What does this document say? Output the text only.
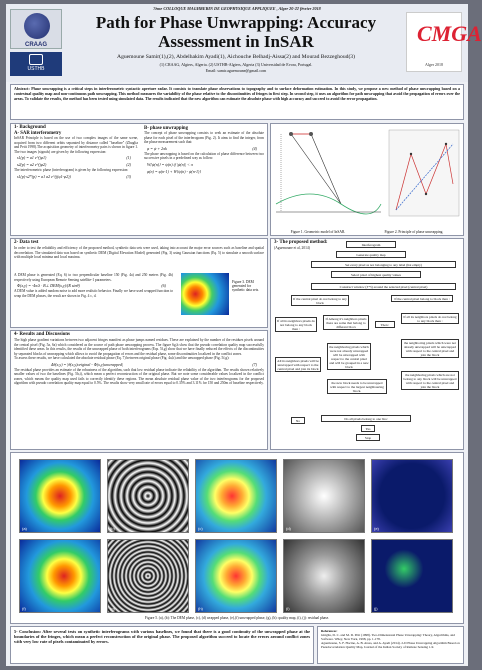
7ème COLLOQUE MAGHREBIN DE GEOPHYSIQUE APPLIQUEE , Alger 20-22 février 2018
CRAAG
USTHB
Path for Phase Unwrapping: Accuracy
Assessment in InSAR
Aguemoune Samir(1),(2), Abdelhakim Ayadi(1), Aichouche Belhadj-Aissa(2) and Mourad Bezzeghoud(3)
(1) CRAAG, Algiers, Algeria. (2) USTHB-Algiers, Algeria (3) Universidad de Evora, Portugal.
Email: samir.aguemoune@gmail.com
CMGA
Alger 2018
Abstract: Phase unwrapping is a critical steps in interferometric syntactic aperture radar. It consists to translate phase observations to topography and to surface deformation estimation. In this study, we propose a new method of phase unwrapping based on a contextual quality map and non-continuous path unwrapping. This method measures the variability of the phase relative to the discontinuities of fringes in first step. In second step, it uses an algorithm for path unwrapping that avoid the propagation of errors over the areas. To validate the results, the method has been tested using simulated data. The results indicated that the new algorithm can estimate the absolute phase with high accuracy and succeed to avoid the error propagation.
1- Background
A- SAR interferometry
InSAR Principle is based on the use of two complex images of the same scene, acquired from two different orbits separated by distance called "baseline" (Zhuglia and Petit 1998).The acquisition geometry of interferometry pairs is shown in figure 1. The two images (signals) are given by the following expression:
s1(p) = a1 e^(jφ1)	(1)
s2(p) = a2 e^(jφ2)	(2)
The interferometric phase (interferogram) is given by the following expression:
s1(p)·s2*(p) = a1 a2 e^(j(φ1-φ2))	(3)
B- phase unwrapping
The concept of phase unwrapping consists to seek an estimate of the absolute phase for each pixel of the interferogram (Fig. 2). It aims to find the integer, from the phase measurement such that:
φ = ψ + 2πk	(4)
The phase unwrapping is based on the calculation of phase difference between two successive pixels in a predefined way as follow:
W{ψ(n)} = ψ(n) if |ψ(n)| < π
φ(n) = φ(n-1) + W{ψ(n) - ψ(n-1)}
Figure 1. Geometric model of InSAR.	Figure 2. Principle of phase unwrapping.
2- Data test
In order to test the reliability and efficiency of the proposed method, synthetic data sets were used, taking into account the major error sources such as baseline and spatial decorrelation. The simulated data was based on synthetic DEM (Digital Elevation Model) generated (Fig. 3) using Gaussian functions (Eq. 5) to simulate a smooth surface with multiple local minima and local maxima.
A DEM phase is generated (Eq. 6) to two perpendicular baseline 150 (Fig. 4a) and 250 meters (Fig. 4b) respectively using European Remote Sensing satellite-1 parameters.
Φ(x,y) = -4π/λ · B⊥ DEM(x,y)/(R sinθ)	(6)
A DEM value is added random noise to add more realistic behavior. Finally we have used wrapped function to wrap the DEM phases, the result are shown in Fig. 4 c, d.
Figure 3. DEM generated for synthetic data sets.
3- The proposed method:
(Aguemoune et al, 2014)
Interferogram
Generate quality map
Set every pixel as not belonging to any label (list empty)
Select pixel of highest quality values
Construct window (3*3) around the selected pixel (central pixel)
If the central pixel do not belong to any block
If the central pixel belong to block then :
If all its neighbors pixels do not belong to any block then :
If Among it's neighbors pixels there are some that belong to different blocs	Then :
If all its neighbors pixels do not belong to any block then :
the neighboring pixels which were not already unwrapped will be unwrapped with respect to the central pixel and will be grouped in a new block
the neighboring pixels which were not already unwrapped will be unwrapped with respect to the central pixel and join the block
All its neighbors pixels will be unwrapped with respect to the central pixel and join its block
the neighboring pixels which are not belong to any block will be unwrapped with respect to the central pixel and join the block
the new block needs to be unwrapped with respect to the largest neighbouring block.
Do all pixels belong to one bloc
No
Yes
Stop
4- Results and Discussions
The high phase gradient variations between two adjacent fringes manifest as phase jumps named residues. These are explained by the number of the residues pixels around the central pixel (Fig. 5a, 6a) which considered as the source of path phase unwrapping process. The figure 6g,h show that the pseudo correlation quality map successfully identified these areas. In this results, the results of the unwrapped phase of both interferograms (Eqs. 5f,g) show that we have finally reduced the effects of the discontinuities by separated blocks of unwrapping which allows to avoid the propagation of errors and the residual phase, some discontinuities localized in the conflict zones.
To assess these results, we have calculated the absolute residual phase (Eq. 7) between original phase (Fig. 4a,b) and the unwrapped phase (Fig. 5f,g):
Δθ(x,y) = |θ(x,y)original - Φ(x,y)unwrapped|	(7)
The residual phase provides an estimate of the robustness of the algorithm, such that low residual phase indicate the reliability of the algorithm. The results shown relatively smaller values of two the baselines (Fig. 5h,i), which mean a perfect reconstruction of the original phase. But we note some considerable values localized in the conflict zones, which means the quality map used fails to correctly identify these regions. The mean absolute residual phase value of the two interferograms for the proposed algorithm with pseudo correlation quality map equal to 0.5%. The results show very small rate of errors equal to 0.35% and 3.11% for 150 and 250m of baseline respectively.
(a)	(b)	(c)	(d)	(e)
(f)	(g)	(h)	(i)	(j)
Figure 5. (a), (b): The DEM phase, (c), (d) wrapped phase, (e),(f) unwrapped phase, (g), (h): quality map, (i), (j): residual phase.
5- Conclusion: After several tests on synthetic interferograms with various baselines, we found that there is a good continuity of the unwrapped phase at the boundaries of the fringes, which mean a perfect reconstruction of the original phase. The proposed algorithm succeed to locate the errors around conflict zones with very low rate of pixels contaminated by errors.
References:
Ghiglia, D. C. and M. D. Pritt (1998). Two-Dimensional Phase Unwrapping: Theory, Algorithms, and Software. Wiley, New York, 1998, pp. 1-178.
Aguemoune, S. F. Hocine, A. B. Aissa, and A. Ayadi (2014). 2-D Phase Unwrapping Algorithm Based on Pseudocorrelation Quality Map, Journal of the Indian Society of Remote Sensing 1-9.
